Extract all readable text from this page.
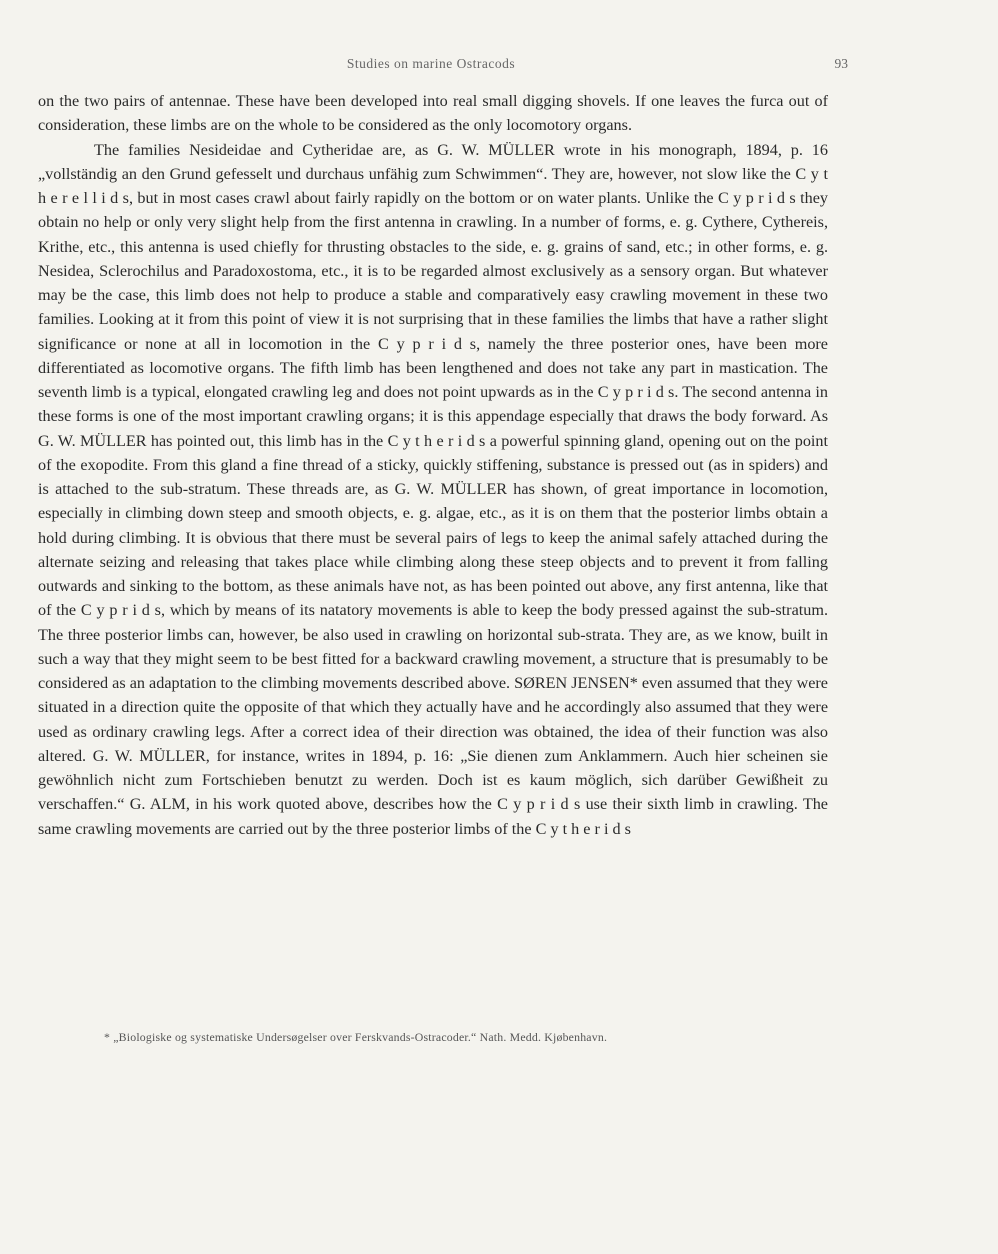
Studies on marine Ostracods	93

on the two pairs of antennae. These have been developed into real small digging shovels. If one leaves the furca out of consideration, these limbs are on the whole to be considered as the only locomotory organs.

The families Nesideidae and Cytheridae are, as G. W. MÜLLER wrote in his monograph, 1894, p. 16 „vollständig an den Grund gefesselt und durchaus unfähig zum Schwimmen“. They are, however, not slow like the C y t h e r e l l i d s, but in most cases crawl about fairly rapidly on the bottom or on water plants. Unlike the C y p r i d s they obtain no help or only very slight help from the first antenna in crawling. In a number of forms, e. g. Cythere, Cythereis, Krithe, etc., this antenna is used chiefly for thrusting obstacles to the side, e. g. grains of sand, etc.; in other forms, e. g. Nesidea, Sclerochilus and Paradoxostoma, etc., it is to be regarded almost exclusively as a sensory organ. But whatever may be the case, this limb does not help to produce a stable and comparatively easy crawling movement in these two families. Looking at it from this point of view it is not surprising that in these families the limbs that have a rather slight significance or none at all in locomotion in the C y p r i d s, namely the three posterior ones, have been more differentiated as locomotive organs. The fifth limb has been lengthened and does not take any part in mastication. The seventh limb is a typical, elongated crawling leg and does not point upwards as in the C y p r i d s. The second antenna in these forms is one of the most important crawling organs; it is this appendage especially that draws the body forward. As G. W. MÜLLER has pointed out, this limb has in the C y t h e r i d s a powerful spinning gland, opening out on the point of the exopodite. From this gland a fine thread of a sticky, quickly stiffening, substance is pressed out (as in spiders) and is attached to the sub-stratum. These threads are, as G. W. MÜLLER has shown, of great importance in locomotion, especially in climbing down steep and smooth objects, e. g. algae, etc., as it is on them that the posterior limbs obtain a hold during climbing. It is obvious that there must be several pairs of legs to keep the animal safely attached during the alternate seizing and releasing that takes place while climbing along these steep objects and to prevent it from falling outwards and sinking to the bottom, as these animals have not, as has been pointed out above, any first antenna, like that of the C y p r i d s, which by means of its natatory movements is able to keep the body pressed against the sub-stratum. The three posterior limbs can, however, be also used in crawling on horizontal sub-strata. They are, as we know, built in such a way that they might seem to be best fitted for a backward crawling movement, a structure that is presumably to be considered as an adaptation to the climbing movements described above. SØREN JENSEN* even assumed that they were situated in a direction quite the opposite of that which they actually have and he accordingly also assumed that they were used as ordinary crawling legs. After a correct idea of their direction was obtained, the idea of their function was also altered. G. W. MÜLLER, for instance, writes in 1894, p. 16: „Sie dienen zum Anklammern. Auch hier scheinen sie gewöhnlich nicht zum Fortschieben benutzt zu werden. Doch ist es kaum möglich, sich darüber Gewißheit zu verschaffen.“ G. ALM, in his work quoted above, describes how the C y p r i d s use their sixth limb in crawling. The same crawling movements are carried out by the three posterior limbs of the C y t h e r i d s

* „Biologiske og systematiske Undersøgelser over Ferskvands-Ostracoder.“ Nath. Medd. Kjøbenhavn.
